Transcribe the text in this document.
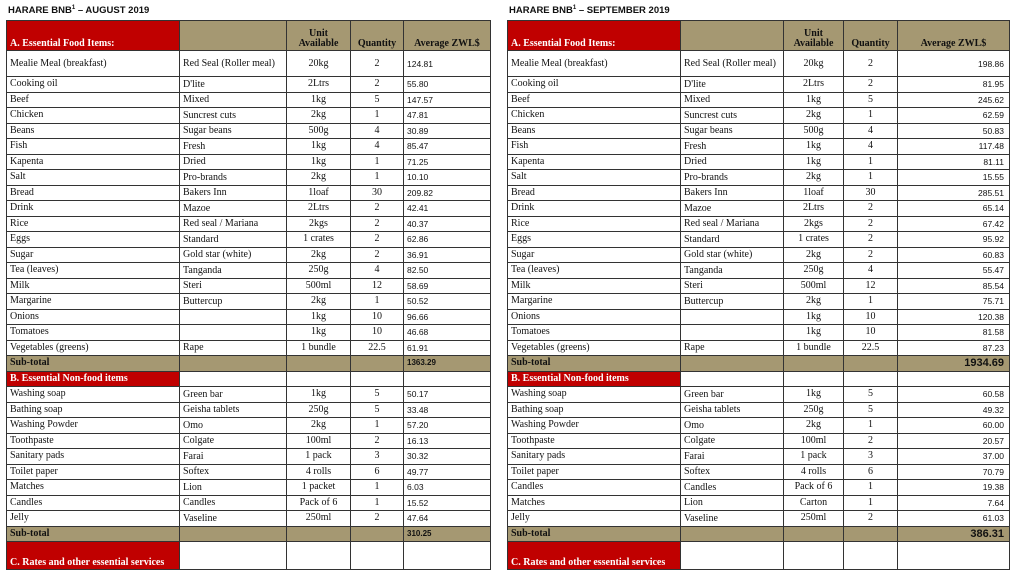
HARARE BNB$^1$ – AUGUST 2019
A. Essential Food Items:		Unit Available	Quantity	Average ZWL$
Mealie Meal (breakfast)	Red Seal (Roller meal)	20kg	2	124.81
Cooking oil	D'lite	2Ltrs	2	55.80
Beef	Mixed	1kg	5	147.57
Chicken	Suncrest cuts	2kg	1	47.81
Beans	Sugar beans	500g	4	30.89
Fish	Fresh	1kg	4	85.47
Kapenta	Dried	1kg	1	71.25
Salt	Pro-brands	2kg	1	10.10
Bread	Bakers Inn	1loaf	30	209.82
Drink	Mazoe	2Ltrs	2	42.41
Rice	Red seal / Mariana	2kgs	2	40.37
Eggs	Standard	1 crates	2	62.86
Sugar	Gold star (white)	2kg	2	36.91
Tea (leaves)	Tanganda	250g	4	82.50
Milk	Steri	500ml	12	58.69
Margarine	Buttercup	2kg	1	50.52
Onions		1kg	10	96.66
Tomatoes		1kg	10	46.68
Vegetables (greens)	Rape	1 bundle	22.5	61.91
Sub-total				1363.29
B. Essential Non-food items				
Washing soap	Green bar	1kg	5	50.17
Bathing soap	Geisha tablets	250g	5	33.48
Washing Powder	Omo	2kg	1	57.20
Toothpaste	Colgate	100ml	2	16.13
Sanitary pads	Farai	1 pack	3	30.32
Toilet paper	Softex	4 rolls	6	49.77
Matches	Lion	1 packet	1	6.03
Candles	Candles	Pack of 6	1	15.52
Jelly	Vaseline	250ml	2	47.64
Sub-total				310.25
C. Rates and other essential services				
HARARE BNB$^1$ – SEPTEMBER 2019
A. Essential Food Items:		Unit Available	Quantity	Average ZWL$
Mealie Meal (breakfast)	Red Seal (Roller meal)	20kg	2	198.86
Cooking oil	D'lite	2Ltrs	2	81.95
Beef	Mixed	1kg	5	245.62
Chicken	Suncrest cuts	2kg	1	62.59
Beans	Sugar beans	500g	4	50.83
Fish	Fresh	1kg	4	117.48
Kapenta	Dried	1kg	1	81.11
Salt	Pro-brands	2kg	1	15.55
Bread	Bakers Inn	1loaf	30	285.51
Drink	Mazoe	2Ltrs	2	65.14
Rice	Red seal / Mariana	2kgs	2	67.42
Eggs	Standard	1 crates	2	95.92
Sugar	Gold star (white)	2kg	2	60.83
Tea (leaves)	Tanganda	250g	4	55.47
Milk	Steri	500ml	12	85.54
Margarine	Buttercup	2kg	1	75.71
Onions		1kg	10	120.38
Tomatoes		1kg	10	81.58
Vegetables (greens)	Rape	1 bundle	22.5	87.23
Sub-total				1934.69
B. Essential Non-food items				
Washing soap	Green bar	1kg	5	60.58
Bathing soap	Geisha tablets	250g	5	49.32
Washing Powder	Omo	2kg	1	60.00
Toothpaste	Colgate	100ml	2	20.57
Sanitary pads	Farai	1 pack	3	37.00
Toilet paper	Softex	4 rolls	6	70.79
Candles	Candles	Pack of 6	1	19.38
Matches	Lion	Carton	1	7.64
Jelly	Vaseline	250ml	2	61.03
Sub-total				386.31
C. Rates and other essential services				
